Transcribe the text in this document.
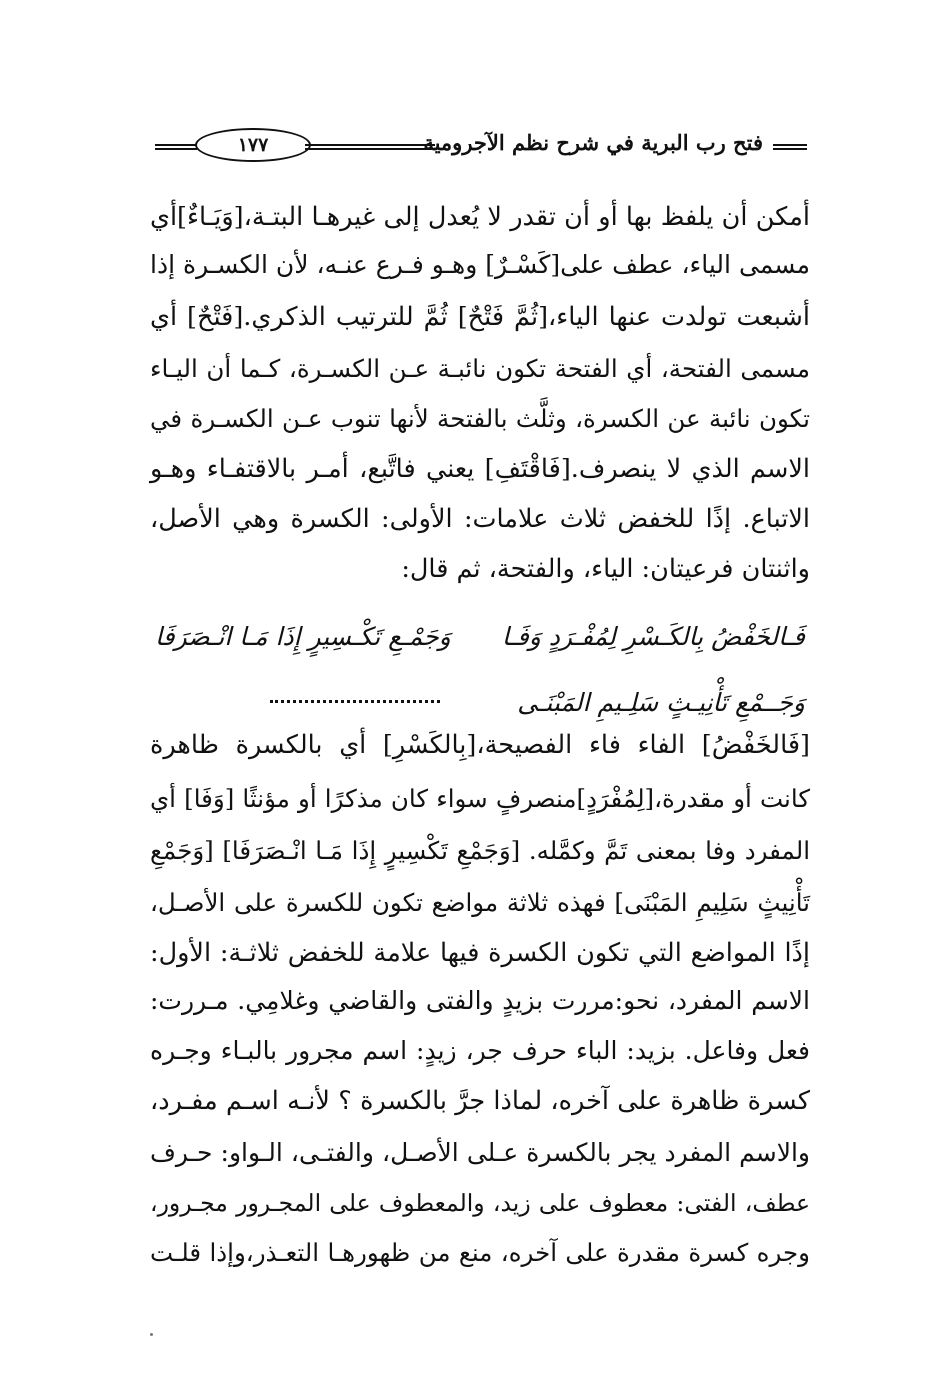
فتح رب البرية في شرح نظم الآجرومية
١٧٧
أمكن أن يلفظ بها أو أن تقدر لا يُعدل إلى غيرهـا البتـة،[وَيَـاءٌ]أي
مسمى الياء، عطف على[كَسْـرٌ] وهـو فـرع عنـه، لأن الكسـرة إذا
أشبعت تولدت عنها الياء،[ثُمَّ فَتْحٌ] ثُمَّ للترتيب الذكري.[فَتْحٌ] أي
مسمى الفتحة، أي الفتحة تكون نائبـة عـن الكسـرة، كـما أن اليـاء
تكون نائبة عن الكسرة، وثلَّث بالفتحة لأنها تنوب عـن الكسـرة في
الاسم الذي لا ينصرف.[فَاقْتَفِ] يعني فاتَّبع، أمـر بالاقتفـاء وهـو
الاتباع. إذًا للخفض ثلاث علامات: الأولى: الكسرة وهي الأصل،
واثنتان فرعيتان: الياء، والفتحة، ثم قال:
فَـالخَفْضُ بِالكَـسْرِ لِمُفْـرَدٍ وَفَـا
وَجَمْـعِ تَكْـسِيرٍ إِذَا مَـا انْـصَرَفَا
وَجَــمْعِ تَأْنِيـثٍ سَلِـيمِ المَبْنَـى
[فَالخَفْضُ] الفاء فاء الفصيحة،[بِالكَسْرِ] أي بالكسرة ظاهرة
كانت أو مقدرة،[لِمُفْرَدٍ]منصرفٍ سواء كان مذكرًا أو مؤنثًا [وَفَا] أي
المفرد وفا بمعنى تَمَّ وكمَّله. [وَجَمْعِ تَكْسِيرٍ إِذَا مَـا انْـصَرَفَا] [وَجَمْعِ
تَأْنِيثٍ سَلِيمِ المَبْنَى] فهذه ثلاثة مواضع تكون للكسرة على الأصـل،
إذًا المواضع التي تكون الكسرة فيها علامة للخفض ثلاثـة: الأول:
الاسم المفرد، نحو:مررت بزيدٍ والفتى والقاضي وغلامِي. مـررت:
فعل وفاعل. بزيد: الباء حرف جر، زيدٍ: اسم مجرور بالبـاء وجـره
كسرة ظاهرة على آخره، لماذا جرَّ بالكسرة ؟ لأنـه اسـم مفـرد،
والاسم المفرد يجر بالكسرة عـلى الأصـل، والفتـى، الـواو: حـرف
عطف، الفتى: معطوف على زيد، والمعطوف على المجـرور مجـرور،
وجره كسرة مقدرة على آخره، منع من ظهورهـا التعـذر،وإذا قلـت
